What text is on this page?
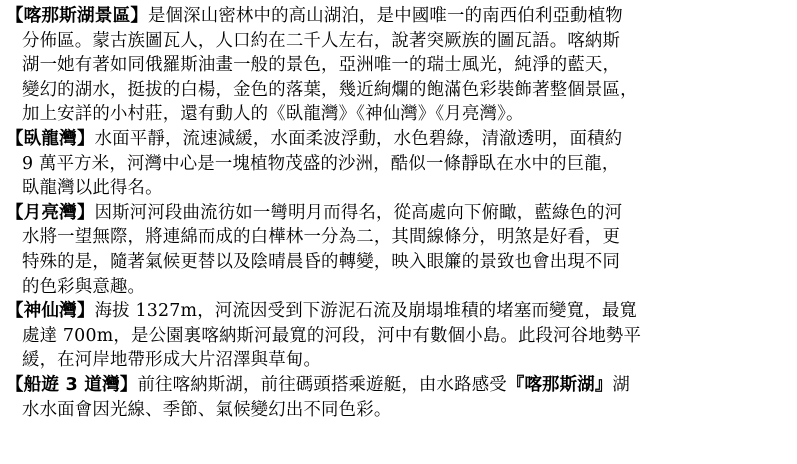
【喀那斯湖景區】是個深山密林中的高山湖泊，是中國唯一的南西伯利亞動植物
分佈區。蒙古族圖瓦人，人口約在二千人左右，說著突厥族的圖瓦語。喀納斯
湖一她有著如同俄羅斯油畫一般的景色，亞洲唯一的瑞士風光，純淨的藍天，
變幻的湖水，挺拔的白楊，金色的落葉，幾近絢爛的飽滿色彩裝飾著整個景區，
加上安詳的小村莊，還有動人的《臥龍灣》《神仙灣》《月亮灣》。
【臥龍灣】水面平靜，流速減緩，水面柔波浮動，水色碧綠，清澈透明，面積約
9 萬平方米，河灣中心是一塊植物茂盛的沙洲，酷似一條靜臥在水中的巨龍，
臥龍灣以此得名。
【月亮灣】因斯河河段曲流彷如一彎明月而得名，從高處向下俯瞰，藍綠色的河
水將一望無際，將連綿而成的白樺林一分為二，其間線條分，明煞是好看，更
特殊的是，隨著氣候更替以及陰晴晨昏的轉變，映入眼簾的景致也會出現不同
的色彩與意趣。
【神仙灣】海拔 1327m，河流因受到下游泥石流及崩塌堆積的堵塞而變寬，最寬
處達 700m，是公園裏喀納斯河最寬的河段，河中有數個小島。此段河谷地勢平
緩，在河岸地帶形成大片沼澤與草甸。
【船遊 3 道灣】前往喀納斯湖，前往碼頭搭乘遊艇，由水路感受『喀那斯湖』湖
水水面會因光線、季節、氣候變幻出不同色彩。
